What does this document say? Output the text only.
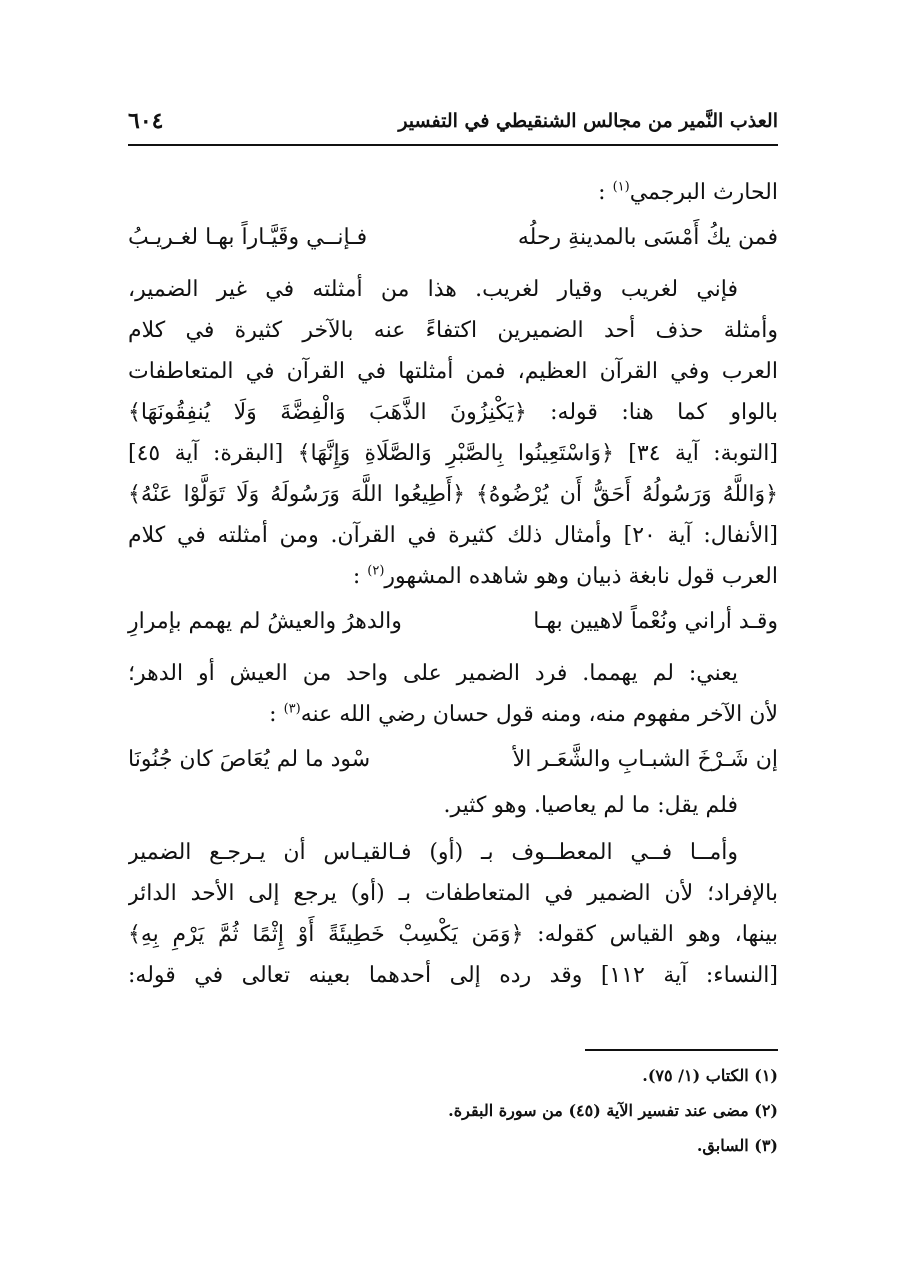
العذب النَّمير من مجالس الشنقيطي في التفسير
٦٠٤
الحارث البرجمي$^{(١)}$ :
فمن يكُ أَمْسَى بالمدينةِ رحلُه
فـإنــي وقَيَّـاراً بهـا لغـريـبُ
فإني لغريب وقيار لغريب. هذا من أمثلته في غير الضمير،
وأمثلة حذف أحد الضميرين اكتفاءً عنه بالآخر كثيرة في كلام
العرب وفي القرآن العظيم، فمن أمثلتها في القرآن في المتعاطفات
بالواو كما هنا: قوله: ﴿يَكْنِزُونَ الذَّهَبَ وَالْفِضَّةَ وَلَا يُنفِقُونَهَا﴾
[التوبة: آية ٣٤] ﴿وَاسْتَعِينُوا بِالصَّبْرِ وَالصَّلَاةِ وَإِنَّهَا﴾ [البقرة: آية ٤٥]
﴿وَاللَّهُ وَرَسُولُهُ أَحَقُّ أَن يُرْضُوهُ﴾ ﴿أَطِيعُوا اللَّهَ وَرَسُولَهُ وَلَا تَوَلَّوْا عَنْهُ﴾
[الأنفال: آية ٢٠] وأمثال ذلك كثيرة في القرآن. ومن أمثلته في كلام
العرب قول نابغة ذبيان وهو شاهده المشهور$^{(٢)}$ :
وقـد أراني ونُعْماً لاهيين بهـا
والدهرُ والعيشُ لم يهمم بإمرارِ
يعني: لم يهمما. فرد الضمير على واحد من العيش أو الدهر؛
لأن الآخر مفهوم منه، ومنه قول حسان رضي الله عنه$^{(٣)}$ :
إن شَـرْخَ الشبـابِ والشَّعَـر الأ
سْود ما لم يُعَاصَ كان جُنُونَا
فلم يقل: ما لم يعاصيا. وهو كثير.
وأمــا فــي المعطــوف بـ (أو) فـالقيـاس أن يـرجـع الضمير
بالإفراد؛ لأن الضمير في المتعاطفات بـ (أو) يرجع إلى الأحد الدائر
بينها، وهو القياس كقوله: ﴿وَمَن يَكْسِبْ خَطِيئَةً أَوْ إِثْمًا ثُمَّ يَرْمِ بِهِ﴾
[النساء: آية ١١٢] وقد رده إلى أحدهما بعينه تعالى في قوله:
(١) الكتاب (١/ ٧٥).
(٢) مضى عند تفسير الآية (٤٥) من سورة البقرة.
(٣) السابق.
